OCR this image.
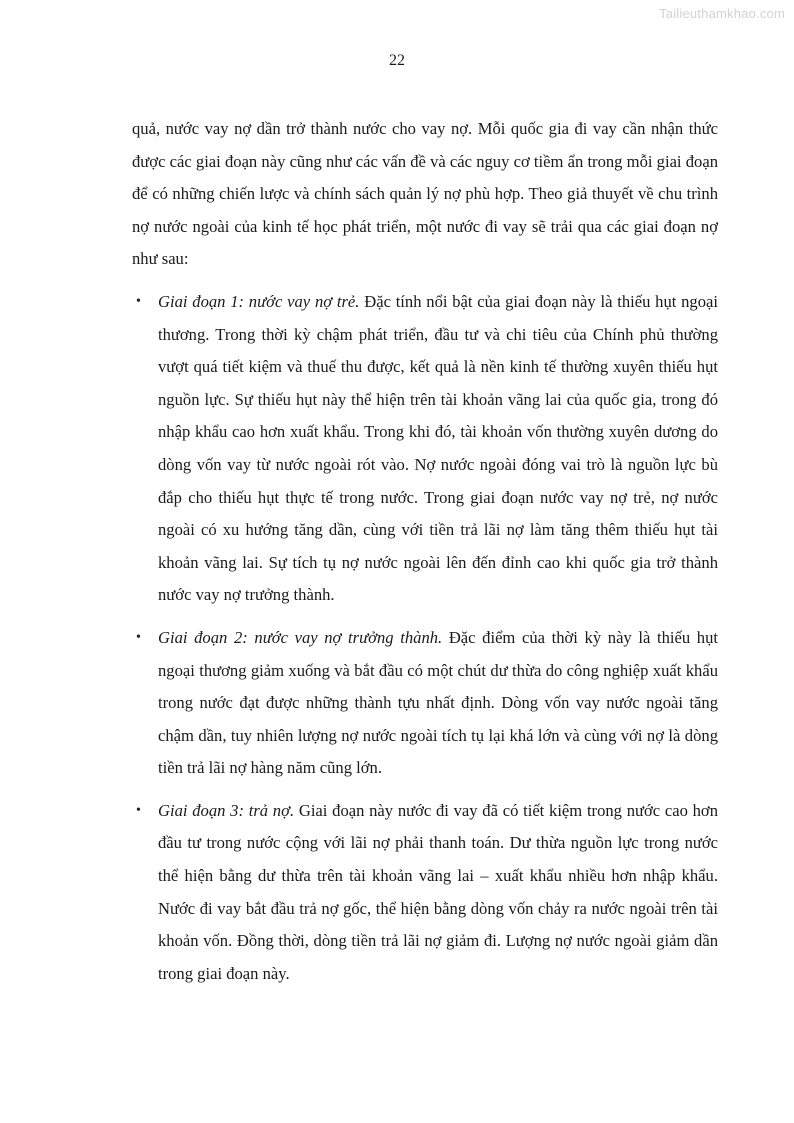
Tailieuthamkhao.com
22

quả, nước vay nợ dần trở thành nước cho vay nợ. Mỗi quốc gia đi vay cần nhận thức được các giai đoạn này cũng như các vấn đề và các nguy cơ tiềm ẩn trong mỗi giai đoạn để có những chiến lược và chính sách quản lý nợ phù hợp. Theo giả thuyết về chu trình nợ nước ngoài của kinh tế học phát triển, một nước đi vay sẽ trải qua các giai đoạn nợ như sau:

• Giai đoạn 1: nước vay nợ trẻ. Đặc tính nổi bật của giai đoạn này là thiếu hụt ngoại thương. Trong thời kỳ chậm phát triển, đầu tư và chi tiêu của Chính phủ thường vượt quá tiết kiệm và thuế thu được, kết quả là nền kinh tế thường xuyên thiếu hụt nguồn lực. Sự thiếu hụt này thể hiện trên tài khoản vãng lai của quốc gia, trong đó nhập khẩu cao hơn xuất khẩu. Trong khi đó, tài khoản vốn thường xuyên dương do dòng vốn vay từ nước ngoài rót vào. Nợ nước ngoài đóng vai trò là nguồn lực bù đắp cho thiếu hụt thực tế trong nước. Trong giai đoạn nước vay nợ trẻ, nợ nước ngoài có xu hướng tăng dần, cùng với tiền trả lãi nợ làm tăng thêm thiếu hụt tài khoản vãng lai. Sự tích tụ nợ nước ngoài lên đến đỉnh cao khi quốc gia trở thành nước vay nợ trưởng thành.
• Giai đoạn 2: nước vay nợ trưởng thành. Đặc điểm của thời kỳ này là thiếu hụt ngoại thương giảm xuống và bắt đầu có một chút dư thừa do công nghiệp xuất khẩu trong nước đạt được những thành tựu nhất định. Dòng vốn vay nước ngoài tăng chậm dần, tuy nhiên lượng nợ nước ngoài tích tụ lại khá lớn và cùng với nợ là dòng tiền trả lãi nợ hàng năm cũng lớn.
• Giai đoạn 3: trả nợ. Giai đoạn này nước đi vay đã có tiết kiệm trong nước cao hơn đầu tư trong nước cộng với lãi nợ phải thanh toán. Dư thừa nguồn lực trong nước thể hiện bằng dư thừa trên tài khoản vãng lai – xuất khẩu nhiều hơn nhập khẩu. Nước đi vay bắt đầu trả nợ gốc, thể hiện bằng dòng vốn chảy ra nước ngoài trên tài khoản vốn. Đồng thời, dòng tiền trả lãi nợ giảm đi. Lượng nợ nước ngoài giảm dần trong giai đoạn này.
